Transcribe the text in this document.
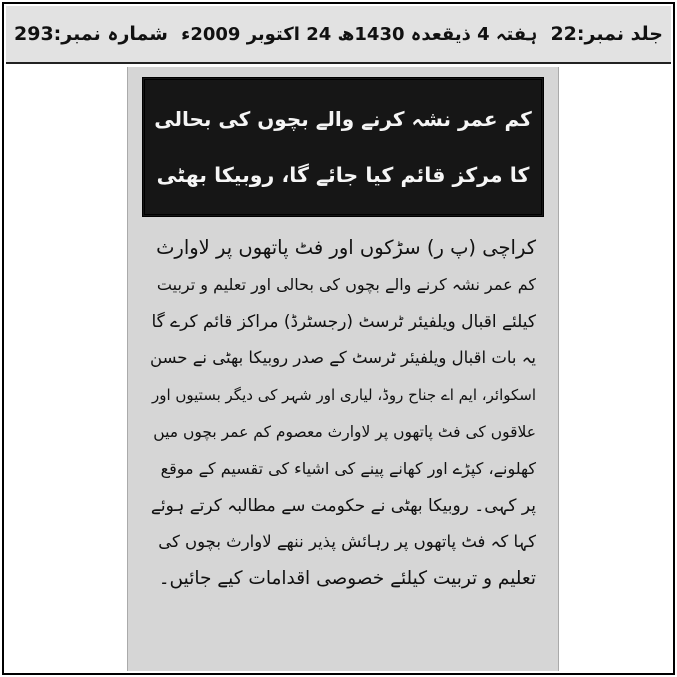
جلد نمبر:22
ہفتہ 4 ذیقعدہ 1430ھ 24 اکتوبر 2009ء
شمارہ نمبر:293
کم عمر نشہ کرنے والے بچوں کی بحالی
کا مرکز قائم کیا جائے گا، روبیکا بھٹی
کراچی (پ ر) سڑکوں اور فٹ پاتھوں پر لاوارث
کم عمر نشہ کرنے والے بچوں کی بحالی اور تعلیم و تربیت
کیلئے اقبال ویلفیئر ٹرسٹ (رجسٹرڈ) مراکز قائم کرے گا
یہ بات اقبال ویلفیئر ٹرسٹ کے صدر روبیکا بھٹی نے حسن
اسکوائر، ایم اے جناح روڈ، لیاری اور شہر کی دیگر بستیوں اور
علاقوں کی فٹ پاتھوں پر لاوارث معصوم کم عمر بچوں میں
کھلونے، کپڑے اور کھانے پینے کی اشیاء کی تقسیم کے موقع
پر کہی۔ روبیکا بھٹی نے حکومت سے مطالبہ کرتے ہوئے
کہا کہ فٹ پاتھوں پر رہائش پذیر ننھے لاوارث بچوں کی
تعلیم و تربیت کیلئے خصوصی اقدامات کیے جائیں۔
